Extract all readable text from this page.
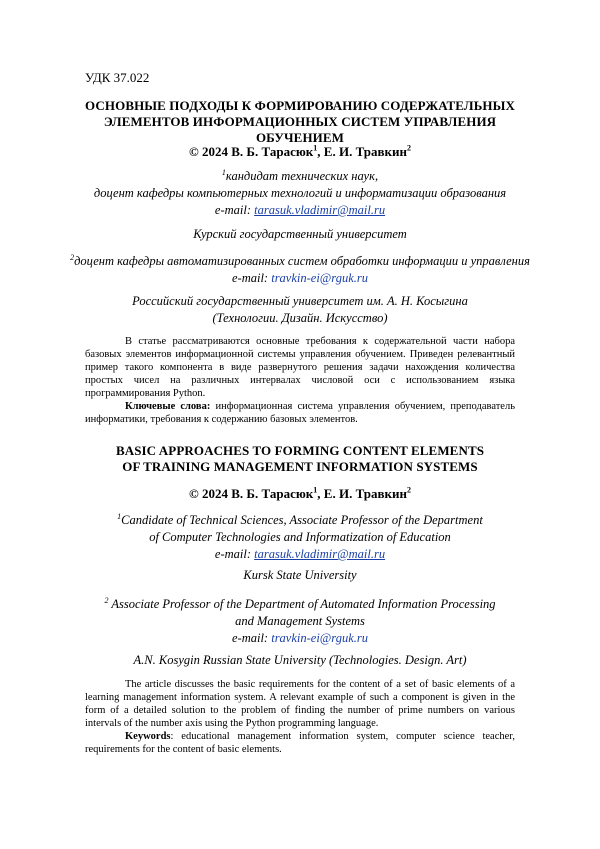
УДК 37.022
ОСНОВНЫЕ ПОДХОДЫ К ФОРМИРОВАНИЮ СОДЕРЖАТЕЛЬНЫХ
ЭЛЕМЕНТОВ ИНФОРМАЦИОННЫХ СИСТЕМ УПРАВЛЕНИЯ ОБУЧЕНИЕМ
© 2024 В. Б. Тарасюк$^1$, Е. И. Травкин$^2$
$^1$кандидат технических наук,
доцент кафедры компьютерных технологий и информатизации образования
e-mail: tarasuk.vladimir@mail.ru
Курский государственный университет
$^2$доцент кафедры автоматизированных систем обработки информации и управления
e-mail: travkin-ei@rguk.ru
Российский государственный университет им. А. Н. Косыгина
(Технологии. Дизайн. Искусство)
В статье рассматриваются основные требования к содержательной части набора базовых элементов информационной системы управления обучением. Приведен релевантный пример такого компонента в виде развернутого решения задачи нахождения количества простых чисел на различных интервалах числовой оси с использованием языка программирования Python.
Ключевые слова: информационная система управления обучением, преподаватель информатики, требования к содержанию базовых элементов.
BASIC APPROACHES TO FORMING CONTENT ELEMENTS
OF TRAINING MANAGEMENT INFORMATION SYSTEMS
© 2024 В. Б. Тарасюк$^1$, Е. И. Травкин$^2$
$^1$Candidate of Technical Sciences, Associate Professor of the Department
of Computer Technologies and Informatization of Education
e-mail: tarasuk.vladimir@mail.ru
Kursk State University
$^2$ Associate Professor of the Department of Automated Information Processing
and Management Systems
e-mail: travkin-ei@rguk.ru
A.N. Kosygin Russian State University (Technologies. Design. Art)
The article discusses the basic requirements for the content of a set of basic elements of a learning management information system. A relevant example of such a component is given in the form of a detailed solution to the problem of finding the number of prime numbers on various intervals of the number axis using the Python programming language.
Keywords: educational management information system, computer science teacher, requirements for the content of basic elements.
